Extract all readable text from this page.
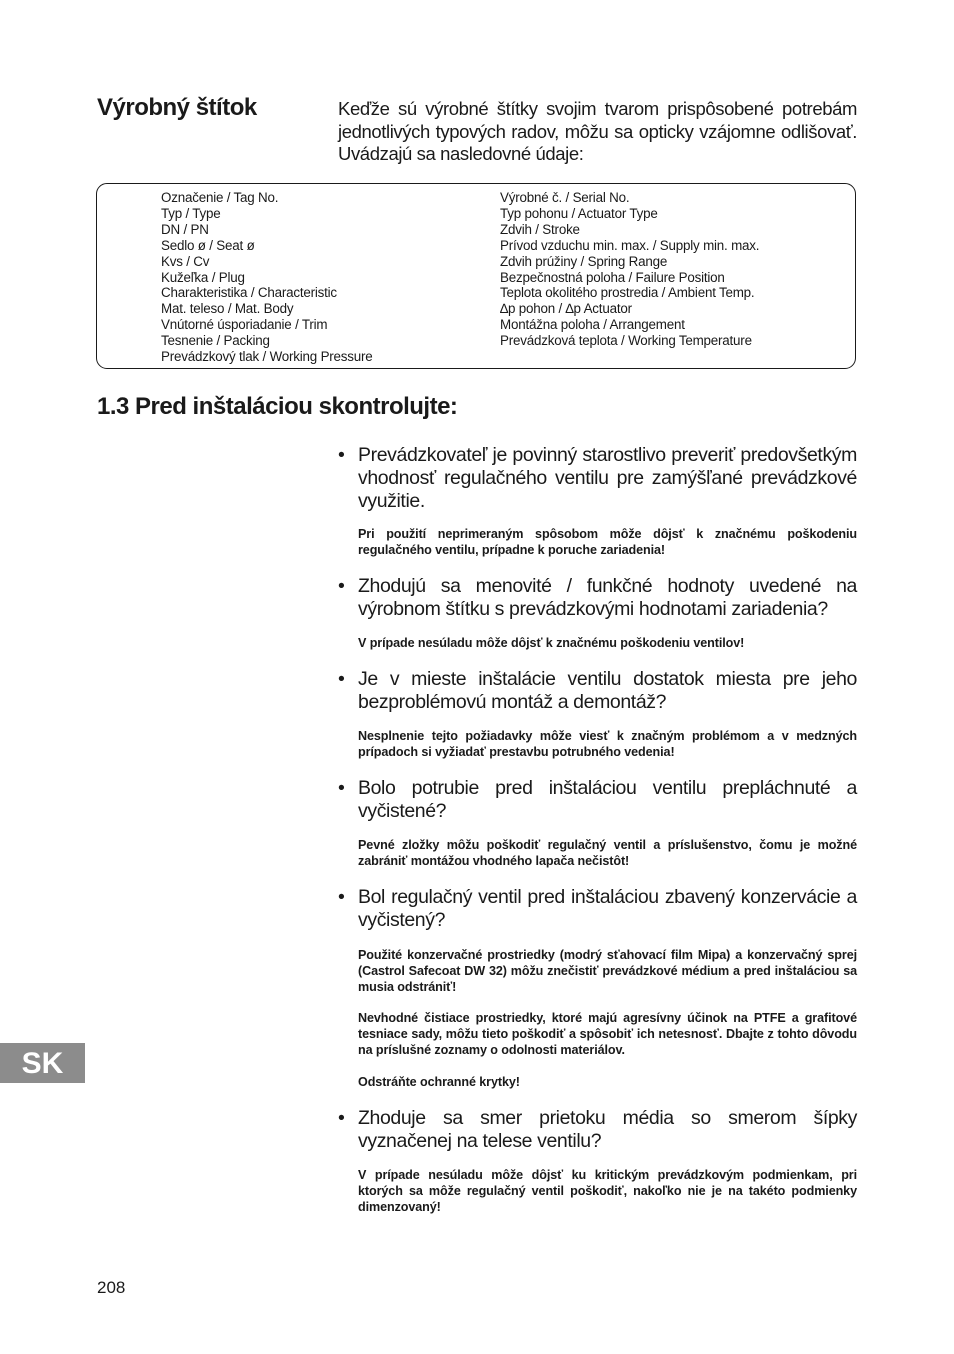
Výrobný štítok	Keďže sú výrobné štítky svojim tvarom prispôsobené potrebám jednotlivých typových radov, môžu sa opticky vzájomne odlišovať. Uvádzajú sa nasledovné údaje:
Označenie / Tag No.
Typ / Type
DN / PN
Sedlo ø / Seat ø
Kvs / Cv
Kužeľka / Plug
Charakteristika / Characteristic
Mat. teleso / Mat. Body
Vnútorné úsporiadanie / Trim
Tesnenie / Packing
Prevádzkový tlak / Working Pressure
Výrobné č. / Serial No.
Typ pohonu / Actuator Type
Zdvih / Stroke
Prívod vzduchu min. max. / Supply min. max.
Zdvih prúžiny / Spring Range
Bezpečnostná poloha / Failure Position
Teplota okolitého prostredia / Ambient Temp.
∆p pohon / ∆p Actuator
Montážna poloha / Arrangement
Prevádzková teplota / Working Temperature
1.3 Pred inštaláciou skontrolujte:
• Prevádzkovateľ je povinný starostlivo preveriť predovšetkým vhodnosť regulačného ventilu pre zamýšľané prevádzkové využitie.
Pri použití neprimeraným spôsobom môže dôjsť k značnému poškodeniu regulačného ventilu, prípadne k poruche zariadenia!
• Zhodujú sa menovité / funkčné hodnoty uvedené na výrobnom štítku s prevádzkovými hodnotami zariadenia?
V prípade nesúladu môže dôjsť k značnému poškodeniu ventilov!
• Je v mieste inštalácie ventilu dostatok miesta pre jeho bezproblémovú montáž a demontáž?
Nesplnenie tejto požiadavky môže viesť k značným problémom a v medzných prípadoch si vyžiadať prestavbu potrubného vedenia!
• Bolo potrubie pred inštaláciou ventilu prepláchnuté a vyčistené?
Pevné zložky môžu poškodiť regulačný ventil a príslušenstvo, čomu je možné zabrániť montážou vhodného lapača nečistôt!
• Bol regulačný ventil pred inštaláciou zbavený konzervácie a vyčistený?
Použité konzervačné prostriedky (modrý sťahovací film Mipa) a konzervačný sprej (Castrol Safecoat DW 32) môžu znečistiť prevádzkové médium a pred inštaláciou sa musia odstrániť!
Nevhodné čistiace prostriedky, ktoré majú agresívny účinok na PTFE a grafitové tesniace sady, môžu tieto poškodiť a spôsobiť ich netesnosť. Dbajte z tohto dôvodu na príslušné zoznamy o odolnosti materiálov.
Odstráňte ochranné krytky!
• Zhoduje sa smer prietoku média so smerom šípky vyznačenej na telese ventilu?
V prípade nesúladu môže dôjsť ku kritickým prevádzkovým podmienkam, pri ktorých sa môže regulačný ventil poškodiť, nakoľko nie je na takéto podmienky dimenzovaný!
SK
208
